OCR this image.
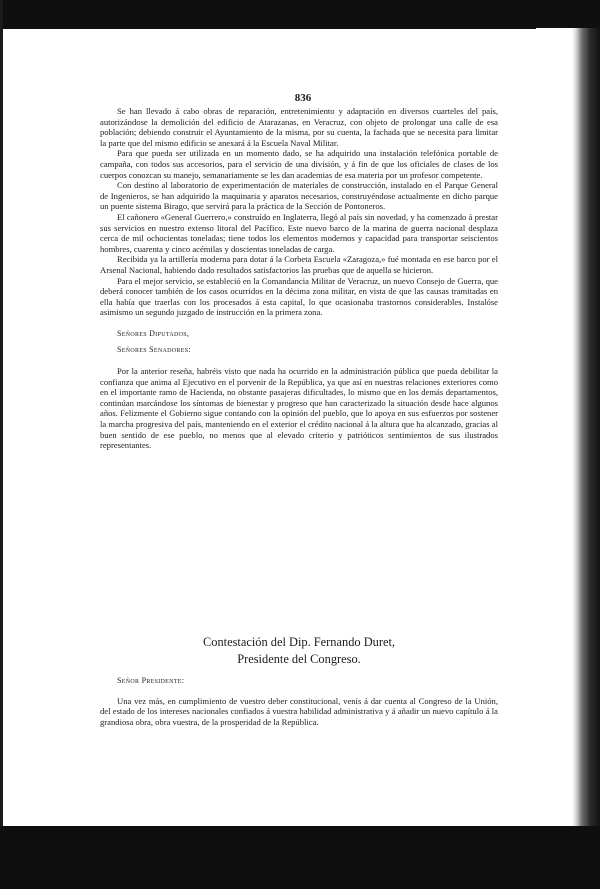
836

Se han llevado á cabo obras de reparación, entretenimiento y adaptación en diversos cuarteles del país, autorizándose la demolición del edificio de Atarazanas, en Veracruz, con objeto de prolongar una calle de esa población; debiendo construir el Ayuntamiento de la misma, por su cuenta, la fachada que se necesita para limitar la parte que del mismo edificio se anexará á la Escuela Naval Militar.

Para que pueda ser utilizada en un momento dado, se ha adquirido una instalación telefónica portable de campaña, con todos sus accesorios, para el servicio de una división, y á fin de que los oficiales de clases de los cuerpos conozcan su manejo, semanariamente se les dan academias de esa materia por un profesor competente.

Con destino al laboratorio de experimentación de materiales de construcción, instalado en el Parque General de Ingenieros, se han adquirido la maquinaria y aparatos necesarios, construyéndose actualmente en dicho parque un puente sistema Birago, que servirá para la práctica de la Sección de Pontoneros.

El cañonero «General Guerrero,» construído en Inglaterra, llegó al país sin novedad, y ha comenzado á prestar sus servicios en nuestro extenso litoral del Pacífico. Este nuevo barco de la marina de guerra nacional desplaza cerca de mil ochocientas toneladas; tiene todos los elementos modernos y capacidad para transportar seiscientos hombres, cuarenta y cinco acémilas y doscientas toneladas de carga.

Recibida ya la artillería moderna para dotar á la Corbeta Escuela «Zaragoza,» fué montada en ese barco por el Arsenal Nacional, habiendo dado resultados satisfactorios las pruebas que de aquella se hicieron.

Para el mejor servicio, se estableció en la Comandancia Militar de Veracruz, un nuevo Consejo de Guerra, que deberá conocer también de los casos ocurridos en la décima zona militar, en vista de que las causas tramitadas en ella había que traerlas con los procesados á esta capital, lo que ocasionaba trastornos considerables. Instalóse asimismo un segundo juzgado de instrucción en la primera zona.

Señores Diputados,
Señores Senadores:

Por la anterior reseña, habréis visto que nada ha ocurrido en la administración pública que pueda debilitar la confianza que anima al Ejecutivo en el porvenir de la República, ya que así en nuestras relaciones exteriores como en el importante ramo de Hacienda, no obstante pasajeras dificultades, lo mismo que en los demás departamentos, continúan marcándose los síntomas de bienestar y progreso que han caracterizado la situación desde hace algunos años. Felizmente el Gobierno sigue contando con la opinión del pueblo, que lo apoya en sus esfuerzos por sostener la marcha progresiva del país, manteniendo en el exterior el crédito nacional á la altura que ha alcanzado, gracias al buen sentido de ese pueblo, no menos que al elevado criterio y patrióticos sentimientos de sus ilustrados representantes.

Contestación del Dip. Fernando Duret,
Presidente del Congreso.
Señor Presidente:

Una vez más, en cumplimiento de vuestro deber constitucional, venís á dar cuenta al Congreso de la Unión, del estado de los intereses nacionales confiados á vuestra habilidad administrativa y á añadir un nuevo capítulo á la grandiosa obra, obra vuestra, de la prosperidad de la República.
